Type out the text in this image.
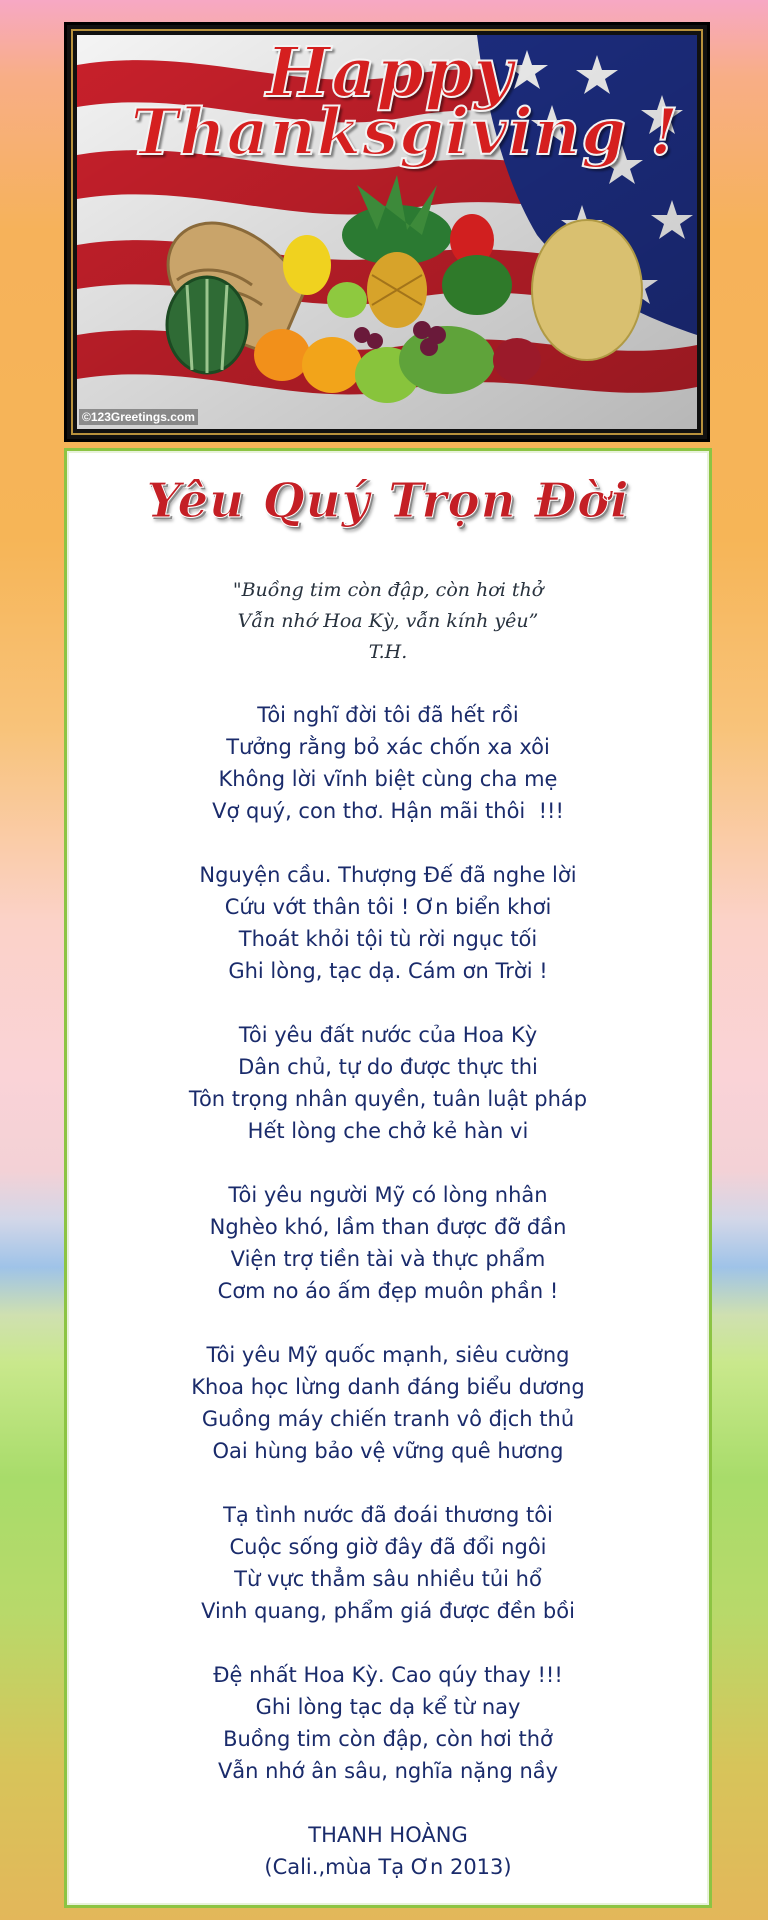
Happy
Thanksgiving !
©123Greetings.com
Yêu Quý Trọn Đời
"Buồng tim còn đập, còn hơi thở
Vẫn nhớ Hoa Kỳ, vẫn kính yêu”
T.H.
Tôi nghĩ đời tôi đã hết rồi
Tưởng rằng bỏ xác chốn xa xôi
Không lời vĩnh biệt cùng cha mẹ
Vợ quý, con thơ. Hận mãi thôi  !!!
Nguyện cầu. Thượng Đế đã nghe lời
Cứu vớt thân tôi ! Ơn biển khơi
Thoát khỏi tội tù rời ngục tối
Ghi lòng, tạc dạ. Cám ơn Trời !
Tôi yêu đất nước của Hoa Kỳ
Dân chủ, tự do được thực thi
Tôn trọng nhân quyền, tuân luật pháp
Hết lòng che chở kẻ hàn vi
Tôi yêu người Mỹ có lòng nhân
Nghèo khó, lầm than được đỡ đần
Viện trợ tiền tài và thực phẩm
Cơm no áo ấm đẹp muôn phần !
Tôi yêu Mỹ quốc mạnh, siêu cường
Khoa học lừng danh đáng biểu dương
Guồng máy chiến tranh vô địch thủ
Oai hùng bảo vệ vững quê hương
Tạ tình nước đã đoái thương tôi
Cuộc sống giờ đây đã đổi ngôi
Từ vực thẳm sâu nhiều tủi hổ
Vinh quang, phẩm giá được đền bồi
Đệ nhất Hoa Kỳ. Cao qúy thay !!!
Ghi lòng tạc dạ kể từ nay
Buồng tim còn đập, còn hơi thở
Vẫn nhớ ân sâu, nghĩa nặng nầy
THANH HOÀNG
(Cali.,mùa Tạ Ơn 2013)
